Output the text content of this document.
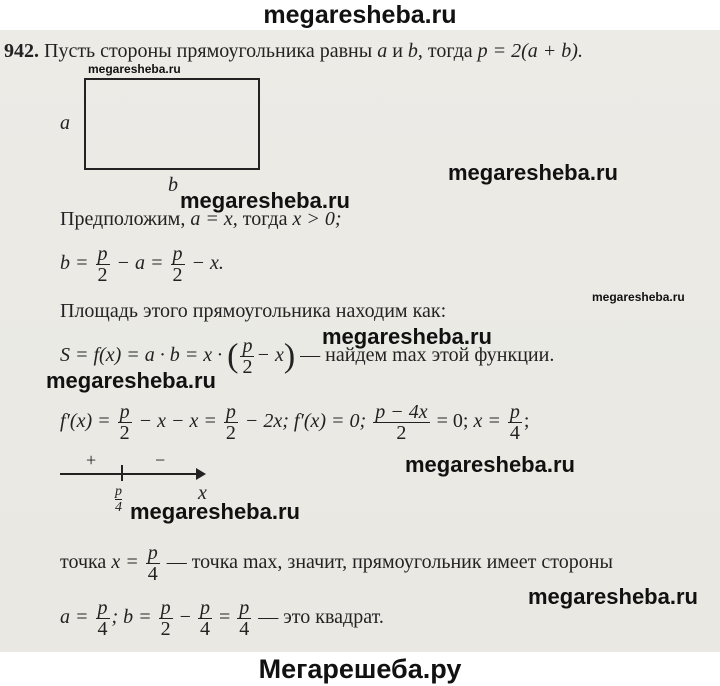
megaresheba.ru
megaresheba.ru
megaresheba.ru
megaresheba.ru
megaresheba.ru
megaresheba.ru
megaresheba.ru
megaresheba.ru
megaresheba.ru
megaresheba.ru
942. Пусть стороны прямоугольника равны a и b, тогда p = 2(a + b).
a
b
Предположим, a = x, тогда x > 0;
$b = \frac{p}{2} - a = \frac{p}{2} - x$.
Площадь этого прямоугольника находим как:
S = f(x) = a · b = x · ( $\frac{p}{2} - x$) — найдем max этой функции.
$f'(x) = \frac{p}{2} - x - x = \frac{p}{2} - 2x$; f′(x) = 0; $\frac{p - 4x}{2} = 0$; $x = \frac{p}{4}$ ;
+	−
$\frac{p}{4}$	x
точка $x = \frac{p}{4}$ — точка max, значит, прямоугольник имеет стороны
$a = \frac{p}{4}$ ; $b = \frac{p}{2} - \frac{p}{4} = \frac{p}{4}$ — это квадрат.
Мегарешеба.ру
